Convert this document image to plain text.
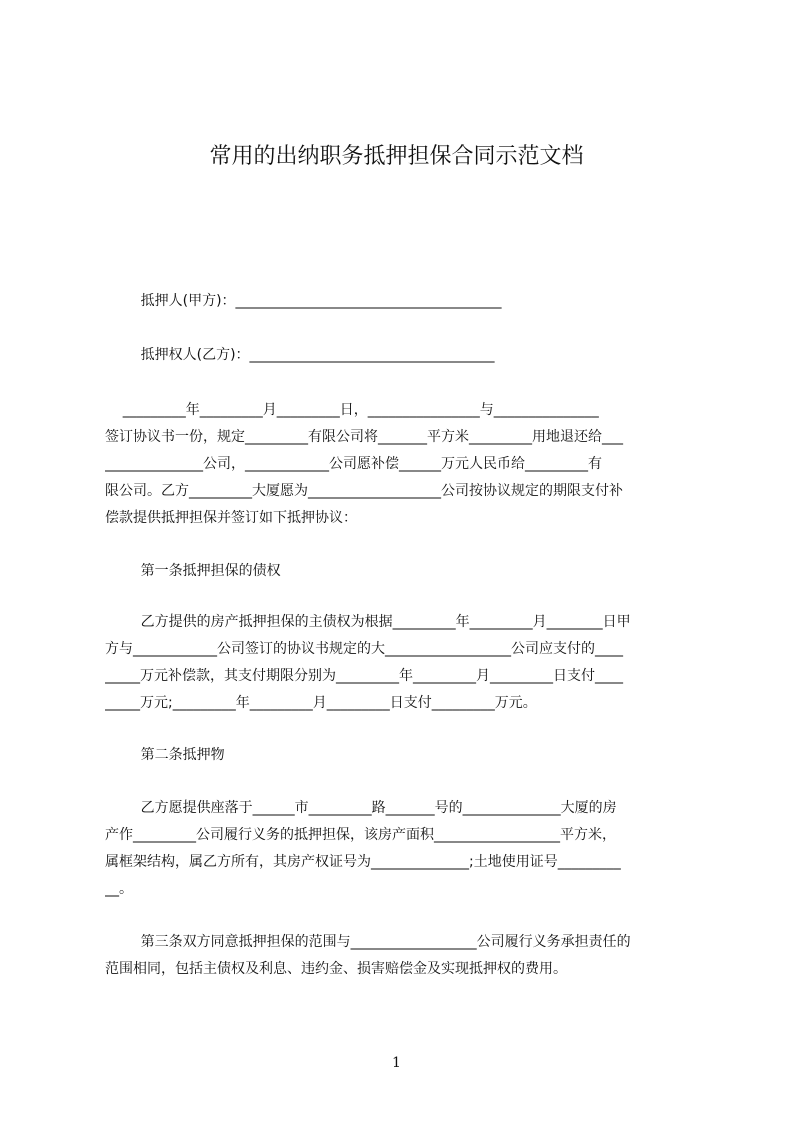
常用的出纳职务抵押担保合同示范文档
抵押人(甲方)：______________________________________
抵押权人(乙方)：___________________________________
_________年_________月_________日，________________与_______________
签订协议书一份，规定_________有限公司将_______平方米_________用地退还给___
______________公司，____________公司愿补偿______万元人民币给_________有
限公司。乙方_________大厦愿为___________________公司按协议规定的期限支付补
偿款提供抵押担保并签订如下抵押协议：
第一条抵押担保的债权
乙方提供的房产抵押担保的主债权为根据_________年_________月________日甲
方与____________公司签订的协议书规定的大__________________公司应支付的____
_____万元补偿款，其支付期限分别为_________年_________月_________日支付____
_____万元;_________年_________月_________日支付_________万元。
第二条抵押物
乙方愿提供座落于______市_________路_______号的______________大厦的房
产作_________公司履行义务的抵押担保，该房产面积__________________平方米，
属框架结构，属乙方所有，其房产权证号为______________;土地使用证号_________
__。
第三条双方同意抵押担保的范围与__________________公司履行义务承担责任的
范围相同，包括主债权及利息、违约金、损害赔偿金及实现抵押权的费用。
1
